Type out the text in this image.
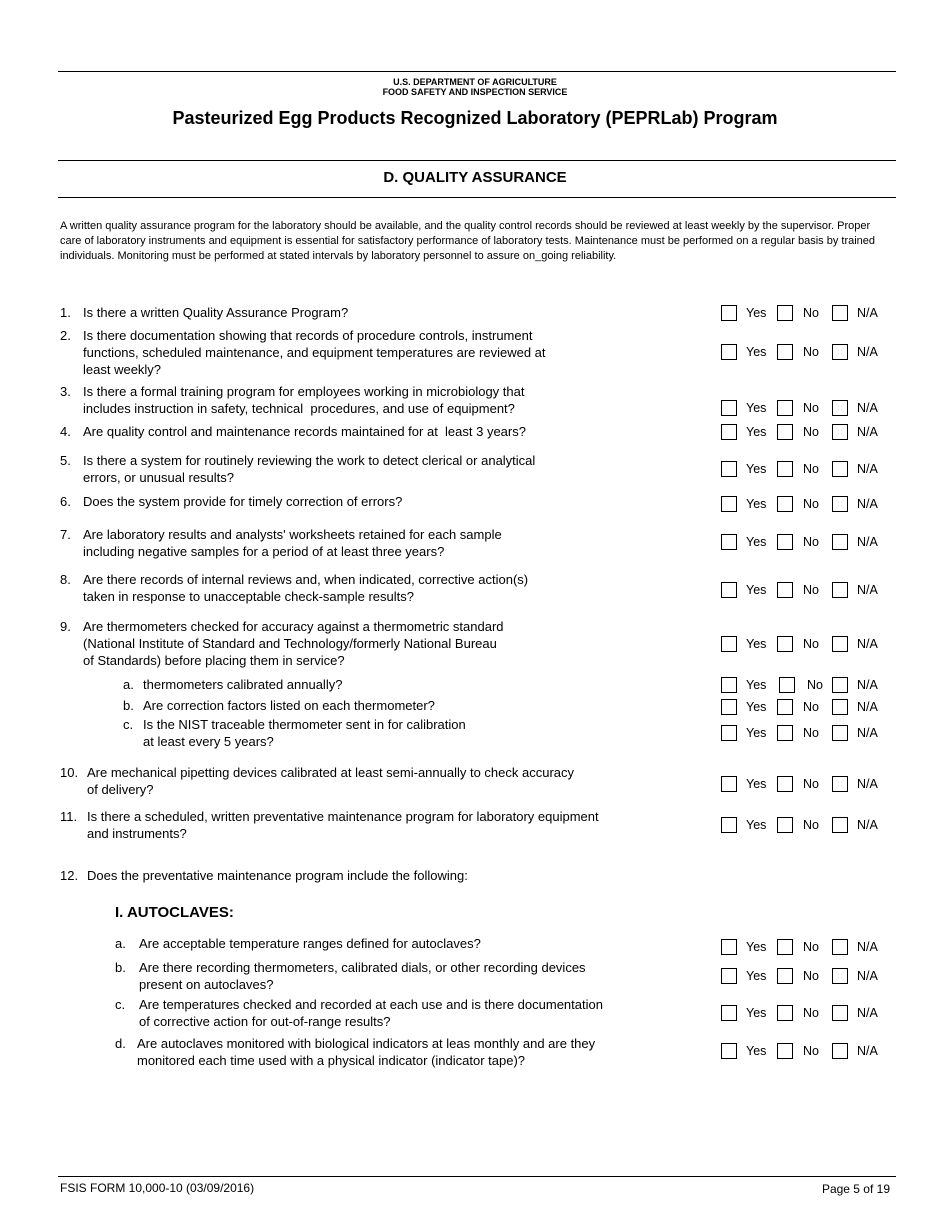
U.S. DEPARTMENT OF AGRICULTURE
FOOD SAFETY AND INSPECTION SERVICE
Pasteurized Egg Products Recognized Laboratory (PEPRLab) Program
D. QUALITY ASSURANCE
A written quality assurance program for the laboratory should be available, and the quality control records should be reviewed at least weekly by the supervisor. Proper care of laboratory instruments and equipment is essential for satisfactory performance of laboratory tests. Maintenance must be performed on a regular basis by trained individuals. Monitoring must be performed at stated intervals by laboratory personnel to assure on_going reliability.
1. Is there a written Quality Assurance Program?	Yes	No	N/A
2. Is there documentation showing that records of procedure controls, instrument
functions, scheduled maintenance, and equipment temperatures are reviewed at
least weekly?
Yes	No	N/A
3. Is there a formal training program for employees working in microbiology that
includes instruction in safety, technical  procedures, and use of equipment?	Yes	No	N/A
4. Are quality control and maintenance records maintained for at  least 3 years?	Yes	No	N/A
5. Is there a system for routinely reviewing the work to detect clerical or analytical
errors, or unusual results?
Yes	No	N/A
6. Does the system provide for timely correction of errors?	Yes	No	N/A
7. Are laboratory results and analysts' worksheets retained for each sample
including negative samples for a period of at least three years?
Yes	No	N/A
8. Are there records of internal reviews and, when indicated, corrective action(s)
taken in response to unacceptable check-sample results?	Yes	No	N/A
9. Are thermometers checked for accuracy against a thermometric standard
(National Institute of Standard and Technology/formerly National Bureau
of Standards) before placing them in service?
Yes	No	N/A
a. thermometers calibrated annually?	Yes	No	N/A
b. Are correction factors listed on each thermometer?	Yes	No	N/A
c. Is the NIST traceable thermometer sent in for calibration
at least every 5 years?
Yes	No	N/A
10. Are mechanical pipetting devices calibrated at least semi-annually to check accuracy
of delivery?	Yes	No	N/A
11. Is there a scheduled, written preventative maintenance program for laboratory equipment
and instruments?
Yes	No	N/A
12. Does the preventative maintenance program include the following:
I. AUTOCLAVES:
a. Are acceptable temperature ranges defined for autoclaves?	Yes	No	N/A
b. Are there recording thermometers, calibrated dials, or other recording devices
present on autoclaves?
Yes	No	N/A
c. Are temperatures checked and recorded at each use and is there documentation
of corrective action for out-of-range results?
Yes	No	N/A
d. Are autoclaves monitored with biological indicators at leas monthly and are they
monitored each time used with a physical indicator (indicator tape)?
Yes	No	N/A
FSIS FORM 10,000-10 (03/09/2016)	Page 5 of 19
